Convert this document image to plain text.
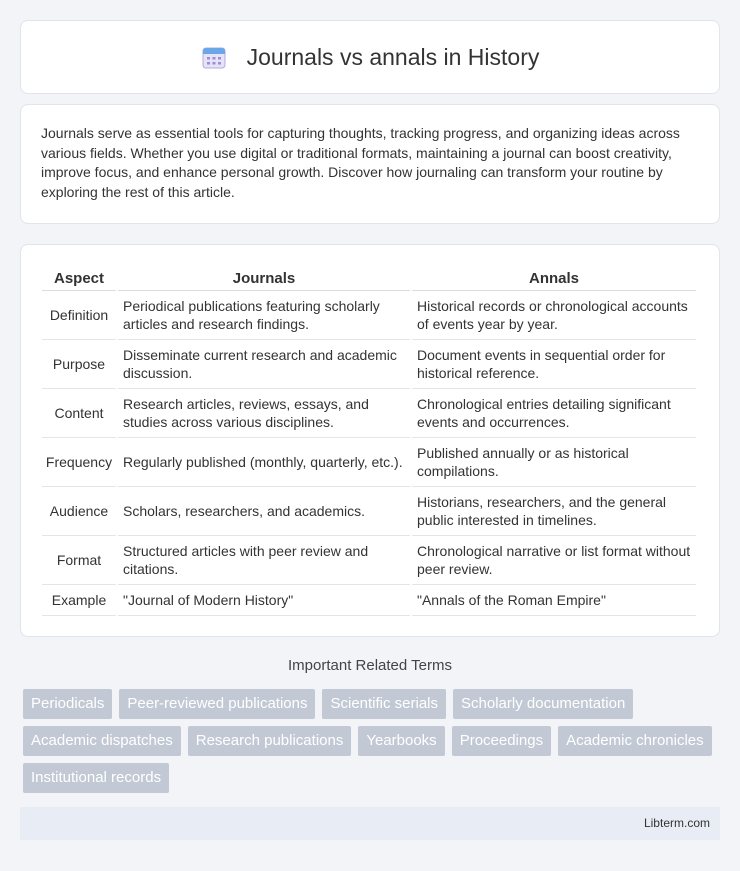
Journals vs annals in History

Journals serve as essential tools for capturing thoughts, tracking progress, and organizing ideas across various fields. Whether you use digital or traditional formats, maintaining a journal can boost creativity, improve focus, and enhance personal growth. Discover how journaling can transform your routine by exploring the rest of this article.

Aspect	Journals	Annals
Definition	Periodical publications featuring scholarly articles and research findings.	Historical records or chronological accounts of events year by year.
Purpose	Disseminate current research and academic discussion.	Document events in sequential order for historical reference.
Content	Research articles, reviews, essays, and studies across various disciplines.	Chronological entries detailing significant events and occurrences.
Frequency	Regularly published (monthly, quarterly, etc.).	Published annually or as historical compilations.
Audience	Scholars, researchers, and academics.	Historians, researchers, and the general public interested in timelines.
Format	Structured articles with peer review and citations.	Chronological narrative or list format without peer review.
Example	"Journal of Modern History"	"Annals of the Roman Empire"
Important Related Terms
Periodicals	Peer-reviewed publications	Scientific serials	Scholarly documentation
Academic dispatches	Research publications	Yearbooks	Proceedings	Academic chronicles
Institutional records
Libterm.com
